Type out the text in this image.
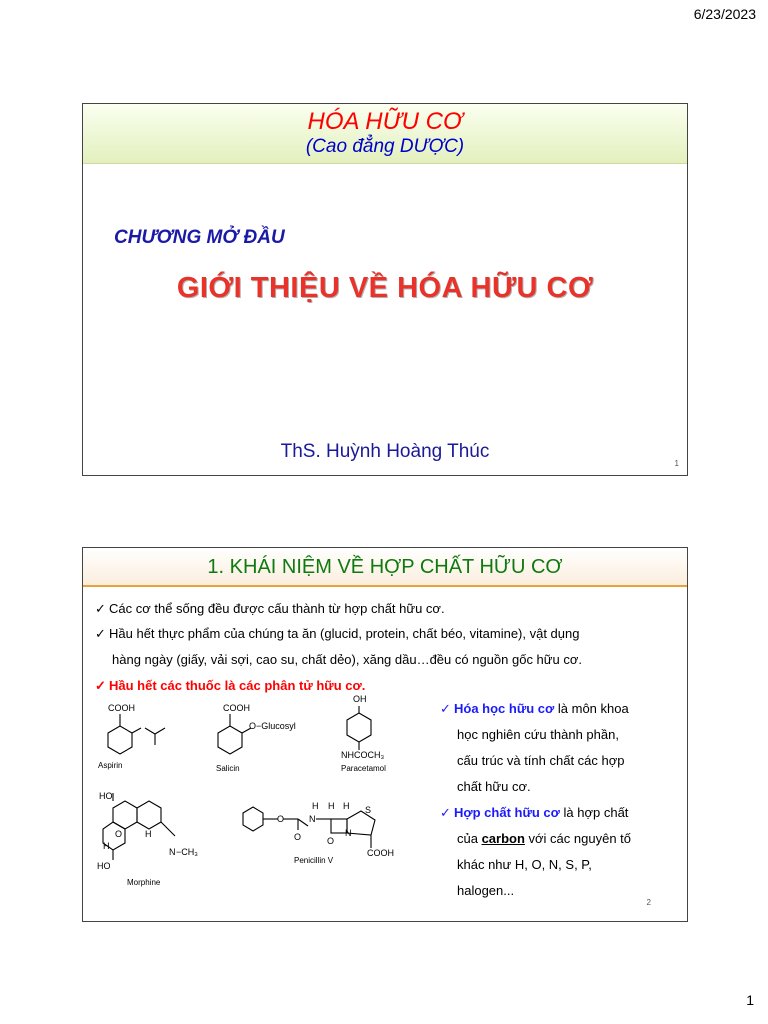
6/23/2023
HÓA HỮU CƠ
(Cao đẳng DƯỢC)
CHƯƠNG MỞ ĐẦU
GIỚI THIỆU VỀ HÓA HỮU CƠ
ThS. Huỳnh Hoàng Thúc
1
1. KHÁI NIỆM VỀ HỢP CHẤT HỮU CƠ
✓ Các cơ thể sống đều được cấu thành từ hợp chất hữu cơ.
✓ Hầu hết thực phẩm của chúng ta ăn (glucid, protein, chất béo, vitamine), vật dụng
hàng ngày (giấy, vải sợi, cao su, chất dẻo), xăng dầu…đều có nguồn gốc hữu cơ.
✓ Hầu hết các thuốc là các phân tử hữu cơ.
COOH
Aspirin
COOH
O−Glucosyl
Salicin
OH
NHCOCH₃
Paracetamol
HO
O	H
H
N −CH₃
HO
Morphine
O
O
N
H H H S
N
O
COOH
Penicillin V
✓ Hóa học hữu cơ là môn khoa
học nghiên cứu thành phần,
cấu trúc và tính chất các hợp
chất hữu cơ.
✓ Hợp chất hữu cơ là hợp chất
của carbon với các nguyên tố
khác như H, O, N, S, P,
halogen...
2
1
